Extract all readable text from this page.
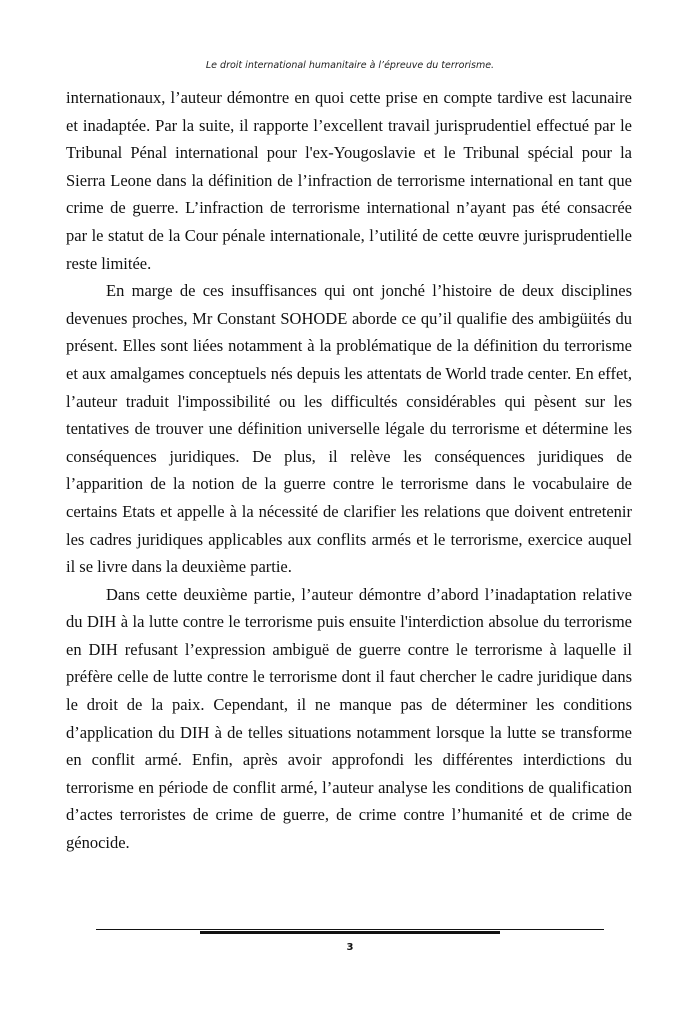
Le droit international humanitaire à l’épreuve du terrorisme.

internationaux, l’auteur démontre en quoi cette prise en compte tardive est lacunaire et inadaptée. Par la suite, il rapporte l’excellent travail jurisprudentiel effectué par le Tribunal Pénal international pour l'ex-Yougoslavie et le Tribunal spécial pour la Sierra Leone dans la définition de l’infraction de terrorisme international en tant que crime de guerre. L’infraction de terrorisme international n’ayant pas été consacrée par le statut de la Cour pénale internationale, l’utilité de cette œuvre jurisprudentielle reste limitée.

En marge de ces insuffisances qui ont jonché l’histoire de deux disciplines devenues proches, Mr Constant SOHODE aborde ce qu’il qualifie des ambigüités du présent. Elles sont liées notamment à la problématique de la définition du terrorisme et aux amalgames conceptuels nés depuis les attentats de World trade center. En effet, l’auteur traduit l'impossibilité ou les difficultés considérables qui pèsent sur les tentatives de trouver une définition universelle légale du terrorisme et détermine les conséquences juridiques. De plus, il relève les conséquences juridiques de l’apparition de la notion de la guerre contre le terrorisme dans le vocabulaire de certains Etats et appelle à la nécessité de clarifier les relations que doivent entretenir les cadres juridiques applicables aux conflits armés et le terrorisme, exercice auquel il se livre dans la deuxième partie.

Dans cette deuxième partie, l’auteur démontre d’abord l’inadaptation relative du DIH à la lutte contre le terrorisme puis ensuite l'interdiction absolue du terrorisme en DIH refusant l’expression ambiguë de guerre contre le terrorisme à laquelle il préfère celle de lutte contre le terrorisme dont il faut chercher le cadre juridique dans le droit de la paix. Cependant, il ne manque pas de déterminer les conditions d’application du DIH à de telles situations notamment lorsque la lutte se transforme en conflit armé. Enfin, après avoir approfondi les différentes interdictions du terrorisme en période de conflit armé, l’auteur analyse les conditions de qualification d’actes terroristes de crime de guerre, de crime contre l’humanité et de crime de génocide.

3
